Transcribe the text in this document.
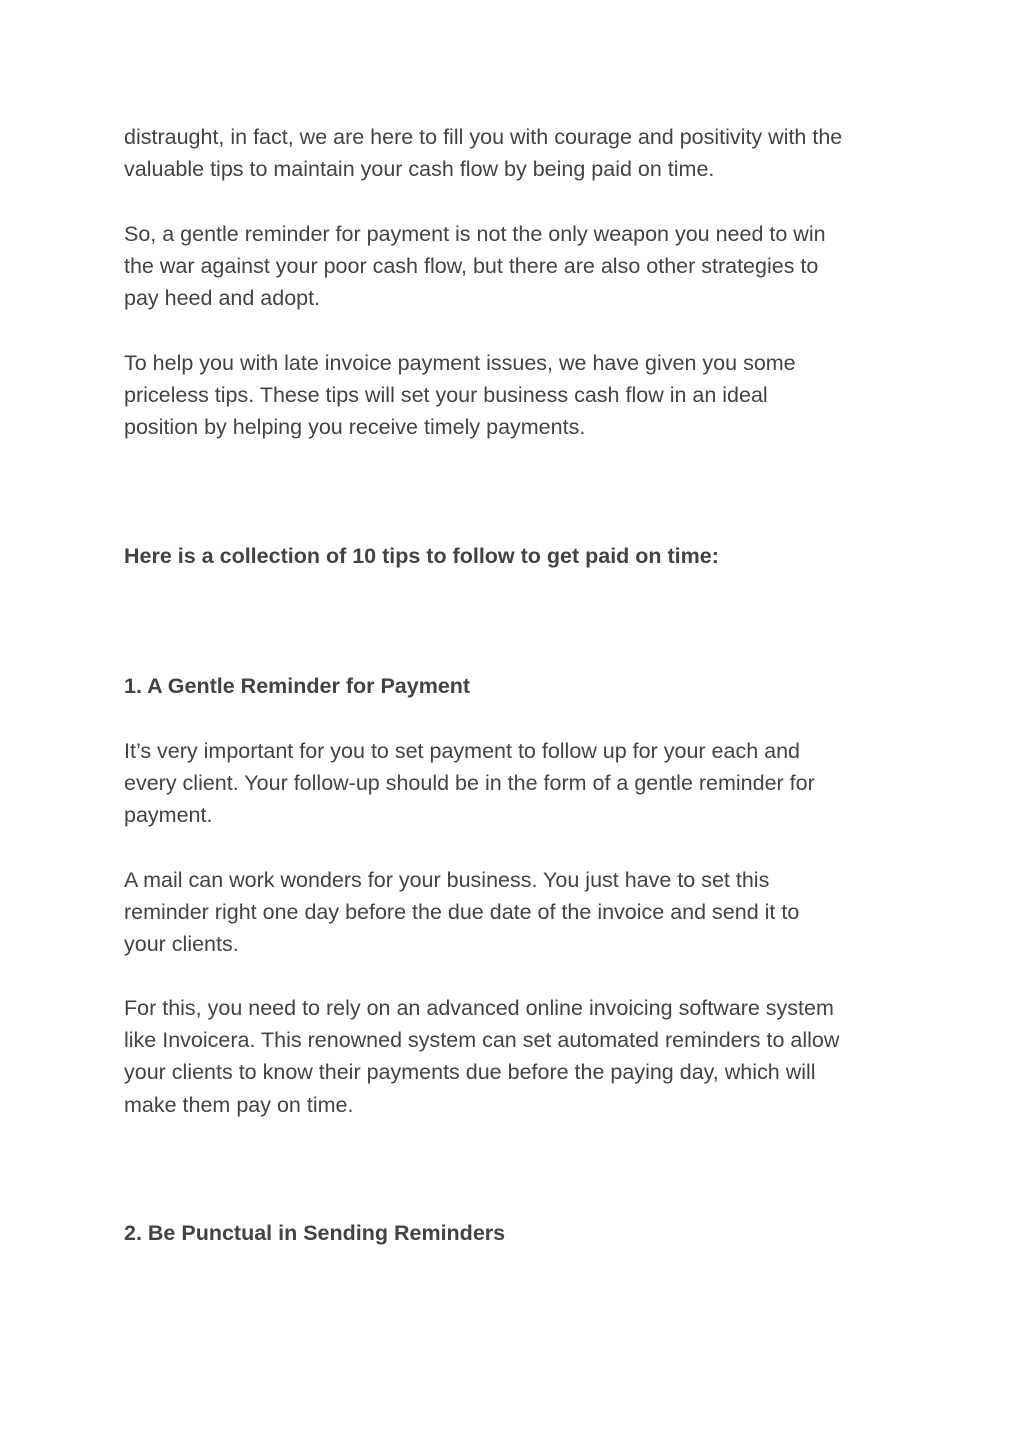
distraught, in fact, we are here to fill you with courage and positivity with the
valuable tips to maintain your cash flow by being paid on time.

So, a gentle reminder for payment is not the only weapon you need to win
the war against your poor cash flow, but there are also other strategies to
pay heed and adopt.

To help you with late invoice payment issues, we have given you some
priceless tips. These tips will set your business cash flow in an ideal
position by helping you receive timely payments.

Here is a collection of 10 tips to follow to get paid on time:
1. A Gentle Reminder for Payment

It’s very important for you to set payment to follow up for your each and
every client. Your follow-up should be in the form of a gentle reminder for
payment.

A mail can work wonders for your business. You just have to set this
reminder right one day before the due date of the invoice and send it to
your clients.

For this, you need to rely on an advanced online invoicing software system
like Invoicera. This renowned system can set automated reminders to allow
your clients to know their payments due before the paying day, which will
make them pay on time.

2. Be Punctual in Sending Reminders
